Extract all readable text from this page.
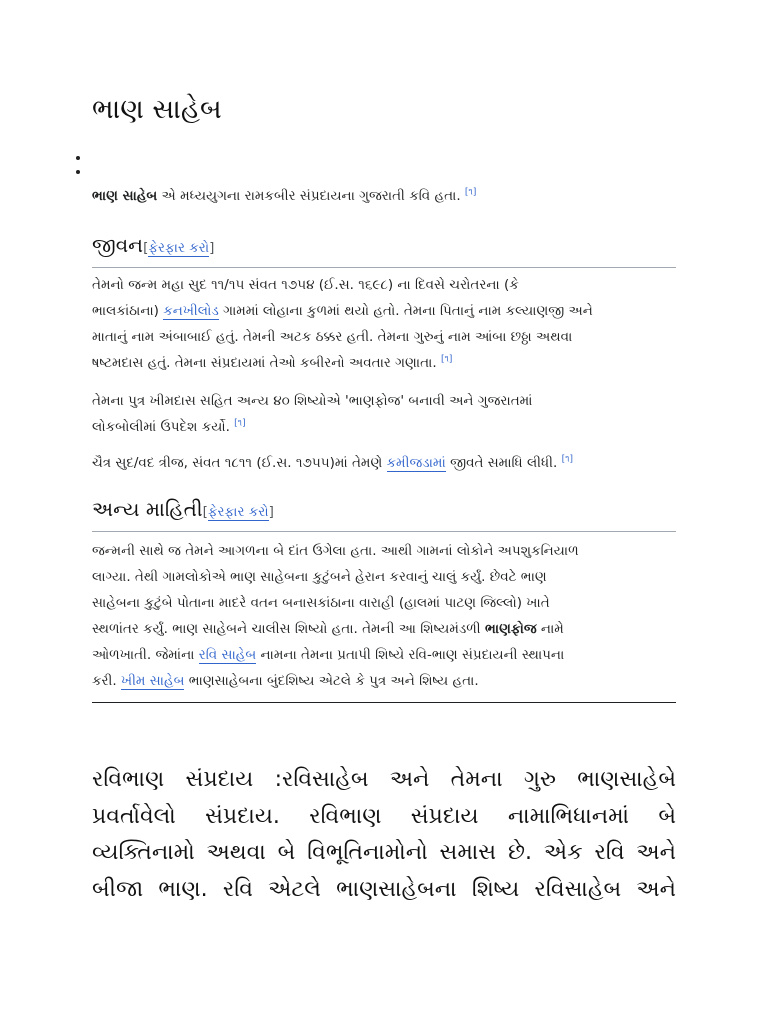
ભાણ સાહેબ

ભાણ સાહેબ એ મધ્યયુગના રામકબીર સંપ્રદાયના ગુજરાતી કવિ હતા. [૧]

જીવન[ફેરફાર કરો]
તેમનો જન્મ મહા સુદ ૧૧/૧૫ સંવત ૧૭૫૪ (ઈ.સ. ૧૬૯૮) ના દિવસે ચરોતરના (કે
ભાલકાંઠાના) કનખીલોડ ગામમાં લોહાના કુળમાં થયો હતો. તેમના પિતાનું નામ કલ્યાણજી અને
માતાનું નામ અંબાબાઈ હતું. તેમની અટક ઠક્કર હતી. તેમના ગુરુનું નામ આંબા છઠ્ઠા અથવા
ષષ્ટમદાસ હતું. તેમના સંપ્રદાયમાં તેઓ કબીરનો અવતાર ગણાતા. [૧]
તેમના પુત્ર ખીમદાસ સહિત અન્ય ૪૦ શિષ્યોએ 'ભાણફોજ' બનાવી અને ગુજરાતમાં
લોકબોલીમાં ઉપદેશ કર્યો. [૧]
ચૈત્ર સુદ/વદ ત્રીજ, સંવત ૧૮૧૧ (ઈ.સ. ૧૭૫૫)માં તેમણે કમીજડામાં જીવતે સમાધિ લીધી. [૧]
અન્ય માહિતી[ફેરફાર કરો]
જન્મની સાથે જ તેમને આગળના બે દાંત ઉગેલા હતા. આથી ગામનાં લોકોને અપશુકનિયાળ
લાગ્યા. તેથી ગામલોકોએ ભાણ સાહેબના કુટુંબને હેરાન કરવાનું ચાલું કર્યું. છેવટે ભાણ
સાહેબના કુટુંબે પોતાના માદરે વતન બનાસકાંઠાના વારાહી (હાલમાં પાટણ જિલ્લો) ખાતે
સ્થળાંતર કર્યું. ભાણ સાહેબને ચાલીસ શિષ્યો હતા. તેમની આ શિષ્યમંડળી ભાણફોજ નામે
ઓળખાતી. જેમાંના રવિ સાહેબ નામના તેમના પ્રતાપી શિષ્યે રવિ-ભાણ સંપ્રદાયની સ્થાપના
કરી. ખીમ સાહેબ ભાણસાહેબના બુંદશિષ્ય એટલે કે પુત્ર અને શિષ્ય હતા.
રવિભાણ સંપ્રદાય :રવિસાહેબ અને તેમના ગુરુ ભાણસાહેબે
પ્રવર્તાવેલો સંપ્રદાય. રવિભાણ સંપ્રદાય નામાભિધાનમાં બે
વ્યક્તિનામો અથવા બે વિભૂતિનામોનો સમાસ છે. એક રવિ અને
બીજા ભાણ. રવિ એટલે ભાણસાહેબના શિષ્ય રવિસાહેબ અને
